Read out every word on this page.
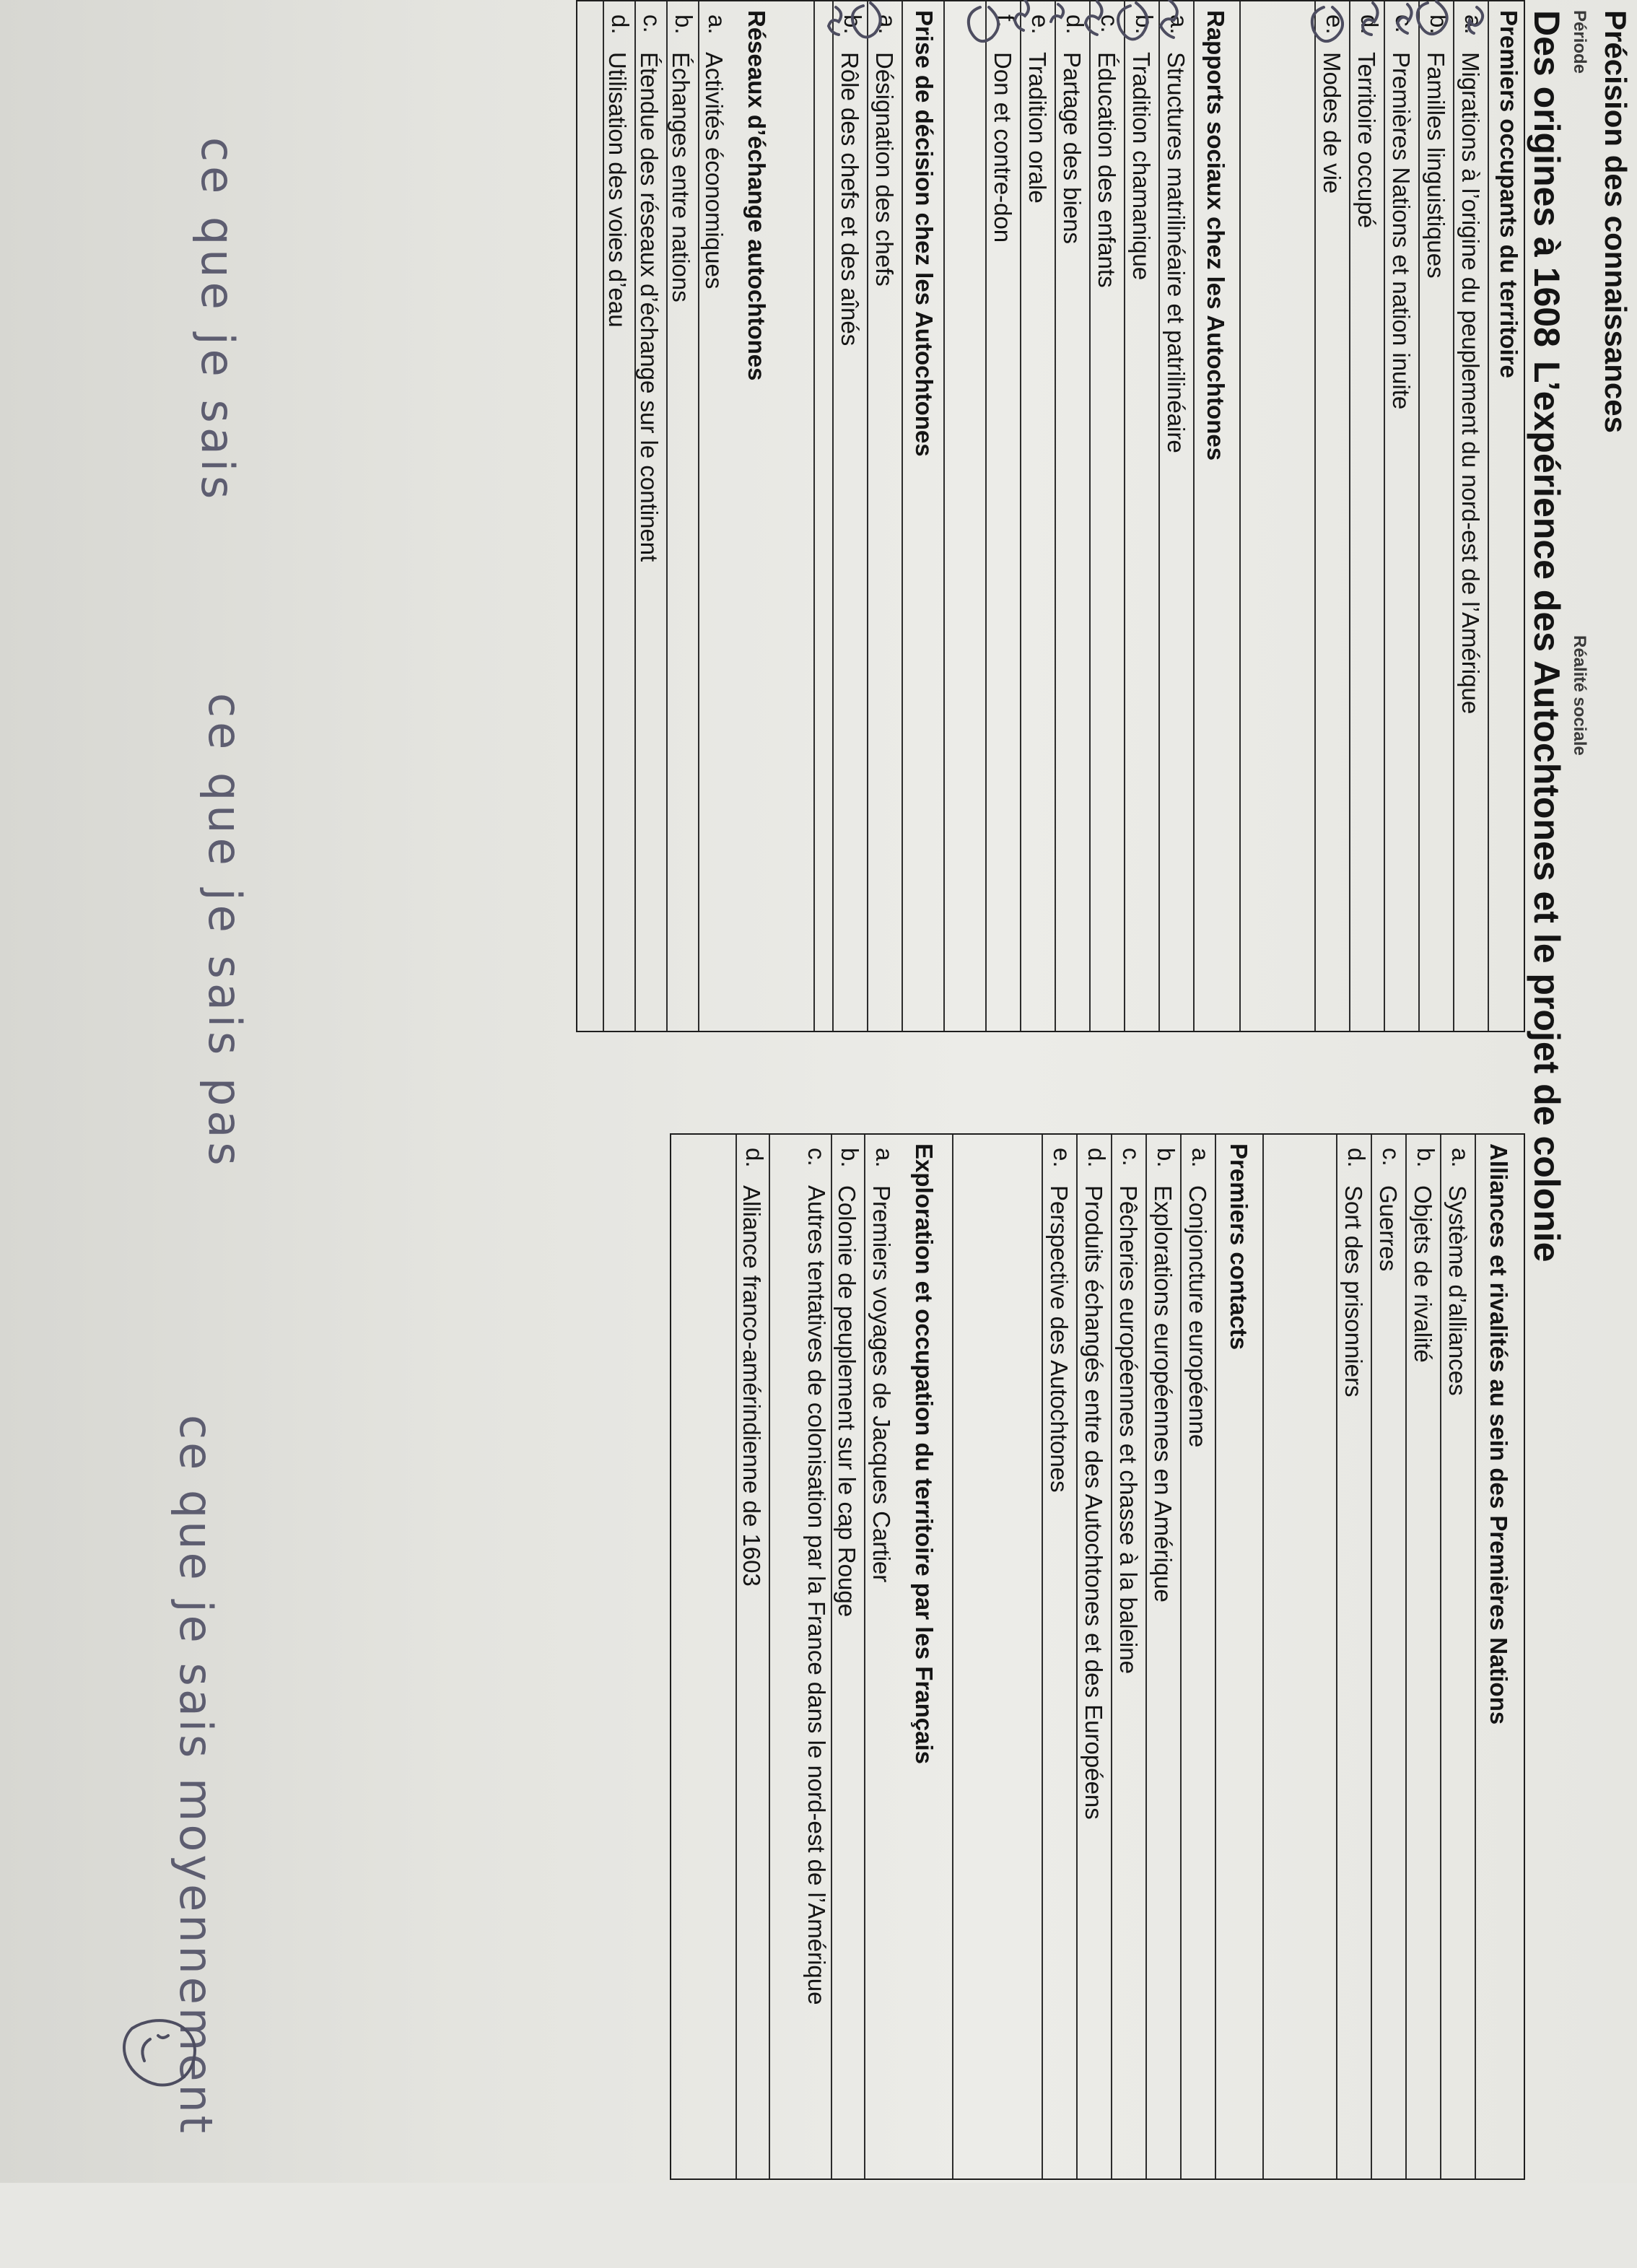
Précision des connaissances
Période
Réalité sociale
Des origines à 1608
L’expérience des Autochtones et le projet de colonie
Premiers occupants du territoire
a.
Migrations à l’origine du peuplement du nord-est de l’Amérique
b.
Familles linguistiques
c.
Premières Nations et nation inuite
d.
Territoire occupé
e.
Modes de vie
Rapports sociaux chez les Autochtones
a.
Structures matrilinéaire et patrilinéaire
b.
Tradition chamanique
c.
Éducation des enfants
d.
Partage des biens
e.
Tradition orale
f.
Don et contre-don
Prise de décision chez les Autochtones
a.
Désignation des chefs
b.
Rôle des chefs et des aînés
Réseaux d’échange autochtones
a.
Activités économiques
b.
Échanges entre nations
c.
Étendue des réseaux d’échange sur le continent
d.
Utilisation des voies d’eau
Alliances et rivalités au sein des Premières Nations
a.
Système d’alliances
b.
Objets de rivalité
c.
Guerres
d.
Sort des prisonniers
Premiers contacts
a.
Conjoncture européenne
b.
Explorations européennes en Amérique
c.
Pêcheries européennes et chasse à la baleine
d.
Produits échangés entre des Autochtones et des Européens
e.
Perspective des Autochtones
Exploration et occupation du territoire par les Français
a.
Premiers voyages de Jacques Cartier
b.
Colonie de peuplement sur le cap Rouge
c.
Autres tentatives de colonisation par la France dans le nord-est de l’Amérique
d.
Alliance franco-amérindienne de 1603
ce que je sais
ce que je sais pas
ce que je sais moyennement
